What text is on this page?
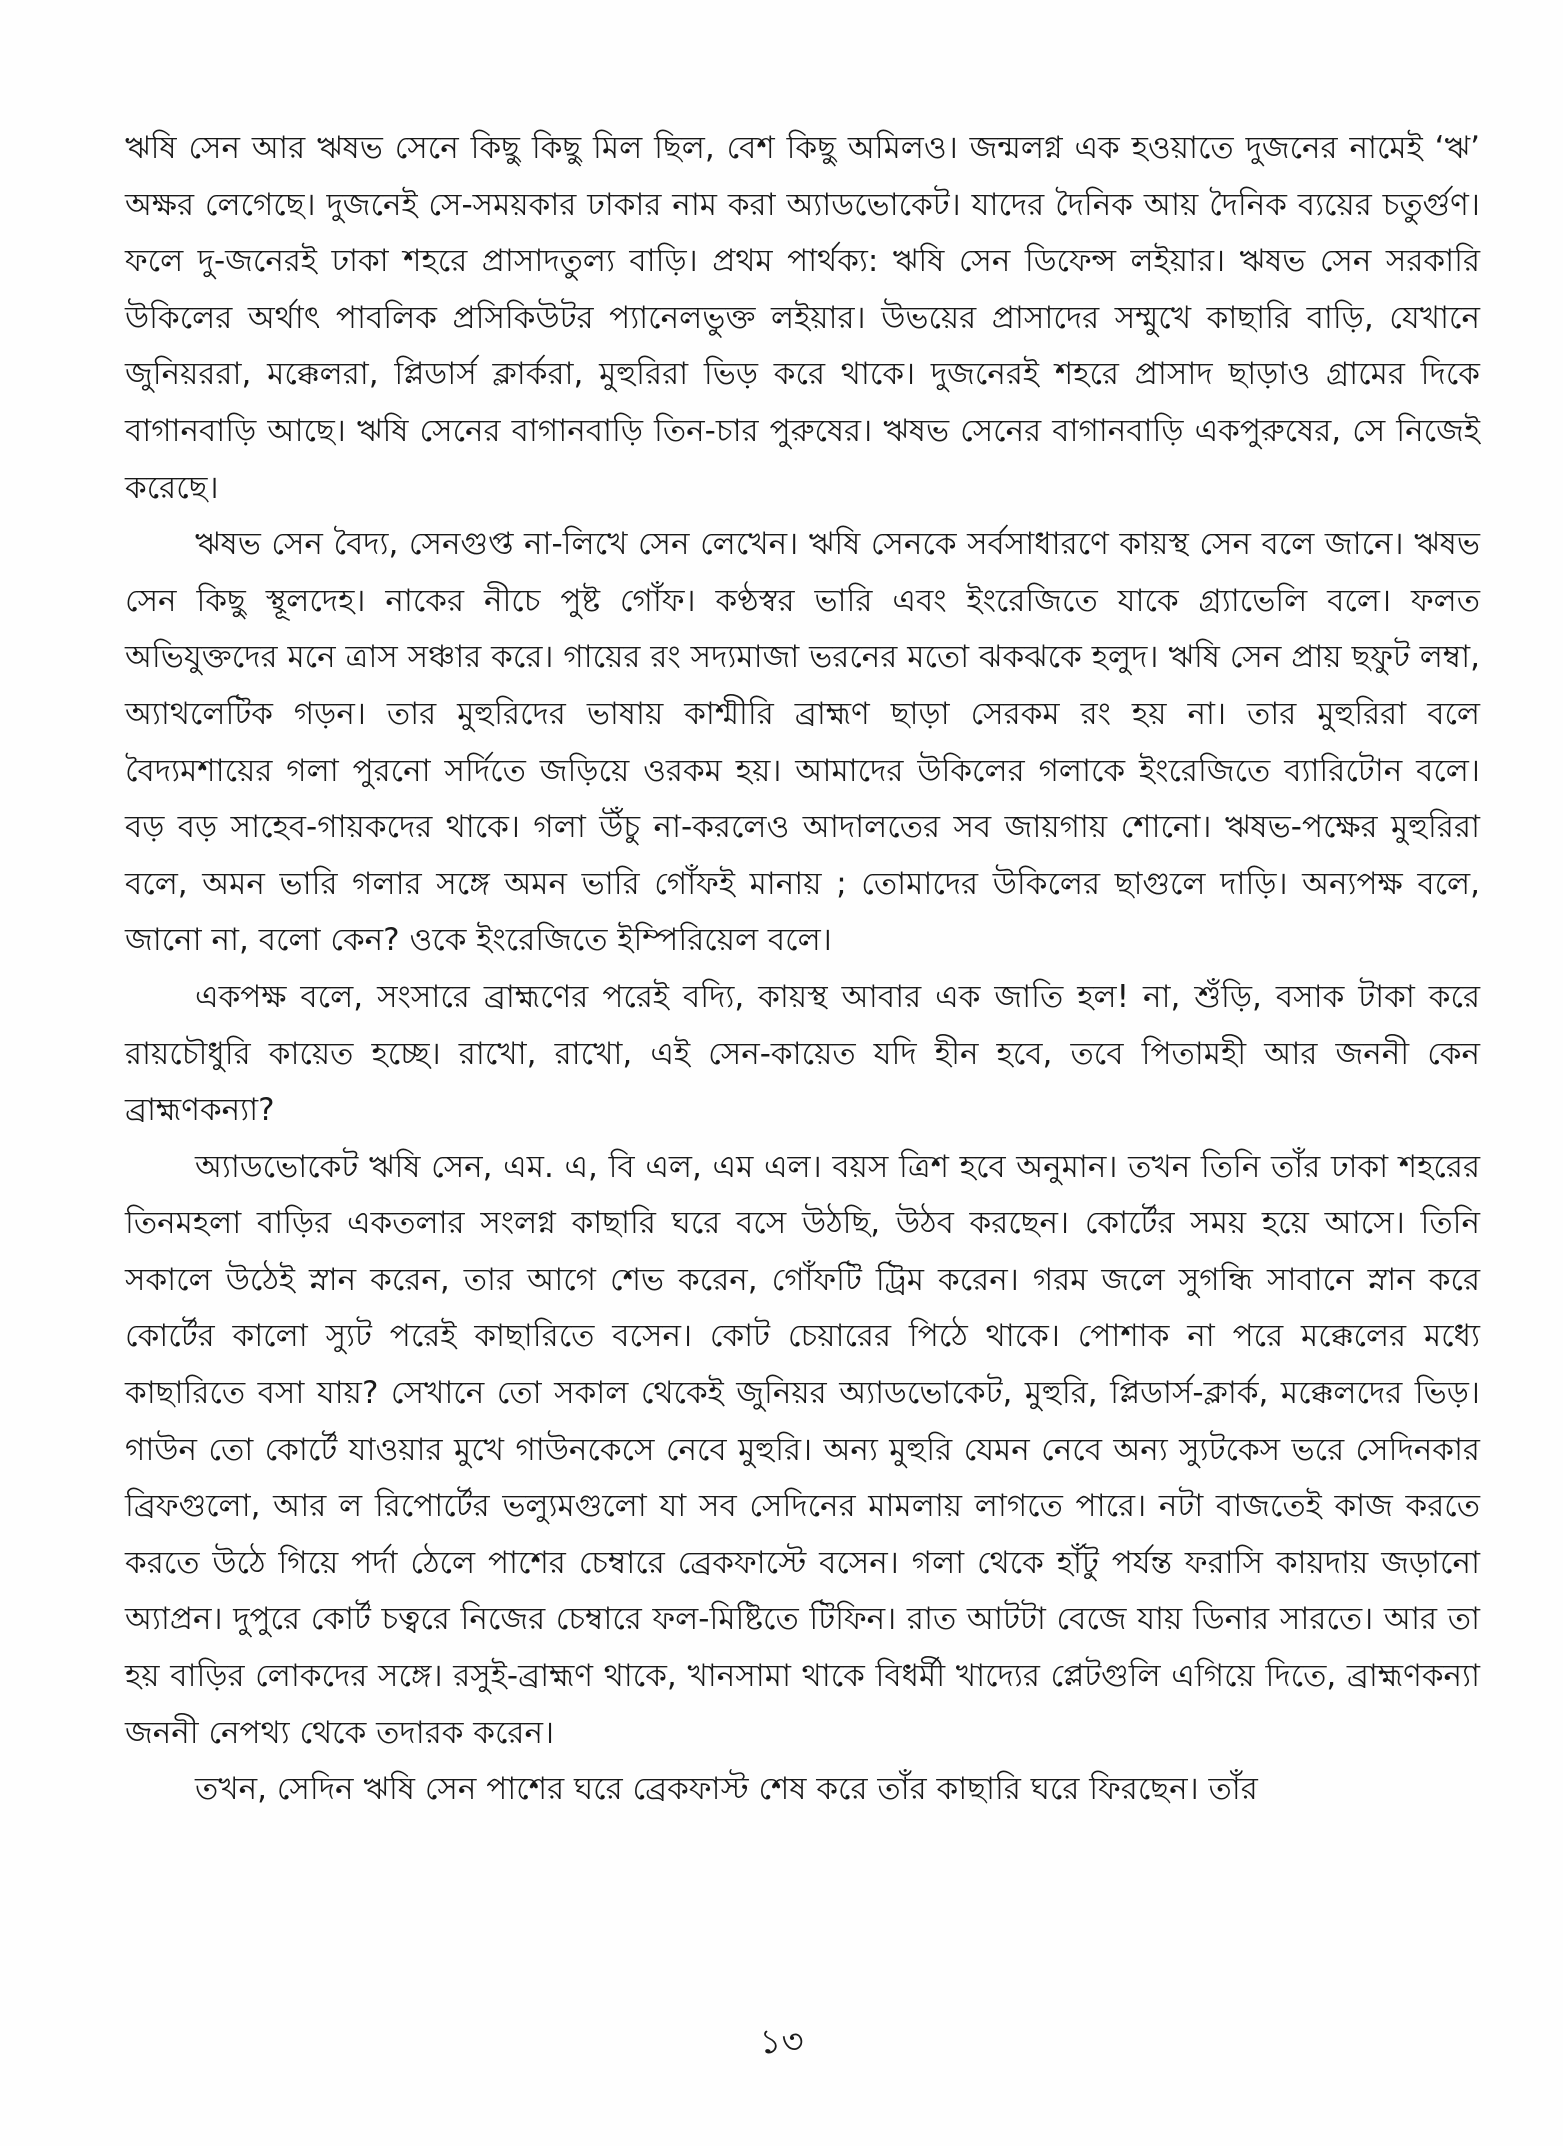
ঋষি সেন আর ঋষভ সেনে কিছু কিছু মিল ছিল, বেশ কিছু অমিলও। জন্মলগ্ন এক হওয়াতে দুজনের নামেই ‘ঋ’ অক্ষর লেগেছে। দুজনেই সে-সময়কার ঢাকার নাম করা অ্যাডভোকেট। যাদের দৈনিক আয় দৈনিক ব্যয়ের চতুর্গুণ। ফলে দু-জনেরই ঢাকা শহরে প্রাসাদতুল্য বাড়ি। প্রথম পার্থক্য: ঋষি সেন ডিফেন্স লইয়ার। ঋষভ সেন সরকারি উকিলের অর্থাৎ পাবলিক প্রসিকিউটর প্যানেলভুক্ত লইয়ার। উভয়ের প্রাসাদের সম্মুখে কাছারি বাড়ি, যেখানে জুনিয়ররা, মক্কেলরা, প্লিডার্স ক্লার্করা, মুহুরিরা ভিড় করে থাকে। দুজনেরই শহরে প্রাসাদ ছাড়াও গ্রামের দিকে বাগানবাড়ি আছে। ঋষি সেনের বাগানবাড়ি তিন-চার পুরুষের। ঋষভ সেনের বাগানবাড়ি একপুরুষের, সে নিজেই করেছে।

ঋষভ সেন বৈদ্য, সেনগুপ্ত না-লিখে সেন লেখেন। ঋষি সেনকে সর্বসাধারণে কায়স্থ সেন বলে জানে। ঋষভ সেন কিছু স্থূলদেহ। নাকের নীচে পুষ্ট গোঁফ। কণ্ঠস্বর ভারি এবং ইংরেজিতে যাকে গ্র্যাভেলি বলে। ফলত অভিযুক্তদের মনে ত্রাস সঞ্চার করে। গায়ের রং সদ্যমাজা ভরনের মতো ঝকঝকে হলুদ। ঋষি সেন প্রায় ছফুট লম্বা, অ্যাথলেটিক গড়ন। তার মুহুরিদের ভাষায় কাশ্মীরি ব্রাহ্মণ ছাড়া সেরকম রং হয় না। তার মুহুরিরা বলে বৈদ্যমশায়ের গলা পুরনো সর্দিতে জড়িয়ে ওরকম হয়। আমাদের উকিলের গলাকে ইংরেজিতে ব্যারিটোন বলে। বড় বড় সাহেব-গায়কদের থাকে। গলা উঁচু না-করলেও আদালতের সব জায়গায় শোনো। ঋষভ-পক্ষের মুহুরিরা বলে, অমন ভারি গলার সঙ্গে অমন ভারি গোঁফই মানায় ; তোমাদের উকিলের ছাগুলে দাড়ি। অন্যপক্ষ বলে, জানো না, বলো কেন? ওকে ইংরেজিতে ইম্পিরিয়েল বলে।

একপক্ষ বলে, সংসারে ব্রাহ্মণের পরেই বদ্যি, কায়স্থ আবার এক জাতি হল! না, শুঁড়ি, বসাক টাকা করে রায়চৌধুরি কায়েত হচ্ছে। রাখো, রাখো, এই সেন-কায়েত যদি হীন হবে, তবে পিতামহী আর জননী কেন ব্রাহ্মণকন্যা?

অ্যাডভোকেট ঋষি সেন, এম. এ, বি এল, এম এল। বয়স ত্রিশ হবে অনুমান। তখন তিনি তাঁর ঢাকা শহরের তিনমহলা বাড়ির একতলার সংলগ্ন কাছারি ঘরে বসে উঠছি, উঠব করছেন। কোর্টের সময় হয়ে আসে। তিনি সকালে উঠেই স্নান করেন, তার আগে শেভ করেন, গোঁফটি ট্রিম করেন। গরম জলে সুগন্ধি সাবানে স্নান করে কোর্টের কালো স্যুট পরেই কাছারিতে বসেন। কোট চেয়ারের পিঠে থাকে। পোশাক না পরে মক্কেলের মধ্যে কাছারিতে বসা যায়? সেখানে তো সকাল থেকেই জুনিয়র অ্যাডভোকেট, মুহুরি, প্লিডার্স-ক্লার্ক, মক্কেলদের ভিড়। গাউন তো কোর্টে যাওয়ার মুখে গাউনকেসে নেবে মুহুরি। অন্য মুহুরি যেমন নেবে অন্য স্যুটকেস ভরে সেদিনকার ব্রিফগুলো, আর ল রিপোর্টের ভল্যুমগুলো যা সব সেদিনের মামলায় লাগতে পারে। নটা বাজতেই কাজ করতে করতে উঠে গিয়ে পর্দা ঠেলে পাশের চেম্বারে ব্রেকফাস্টে বসেন। গলা থেকে হাঁটু পর্যন্ত ফরাসি কায়দায় জড়ানো অ্যাপ্রন। দুপুরে কোর্ট চত্বরে নিজের চেম্বারে ফল-মিষ্টিতে টিফিন। রাত আটটা বেজে যায় ডিনার সারতে। আর তা হয় বাড়ির লোকদের সঙ্গে। রসুই-ব্রাহ্মণ থাকে, খানসামা থাকে বিধর্মী খাদ্যের প্লেটগুলি এগিয়ে দিতে, ব্রাহ্মণকন্যা জননী নেপথ্য থেকে তদারক করেন।

তখন, সেদিন ঋষি সেন পাশের ঘরে ব্রেকফাস্ট শেষ করে তাঁর কাছারি ঘরে ফিরছেন। তাঁর

১৩
